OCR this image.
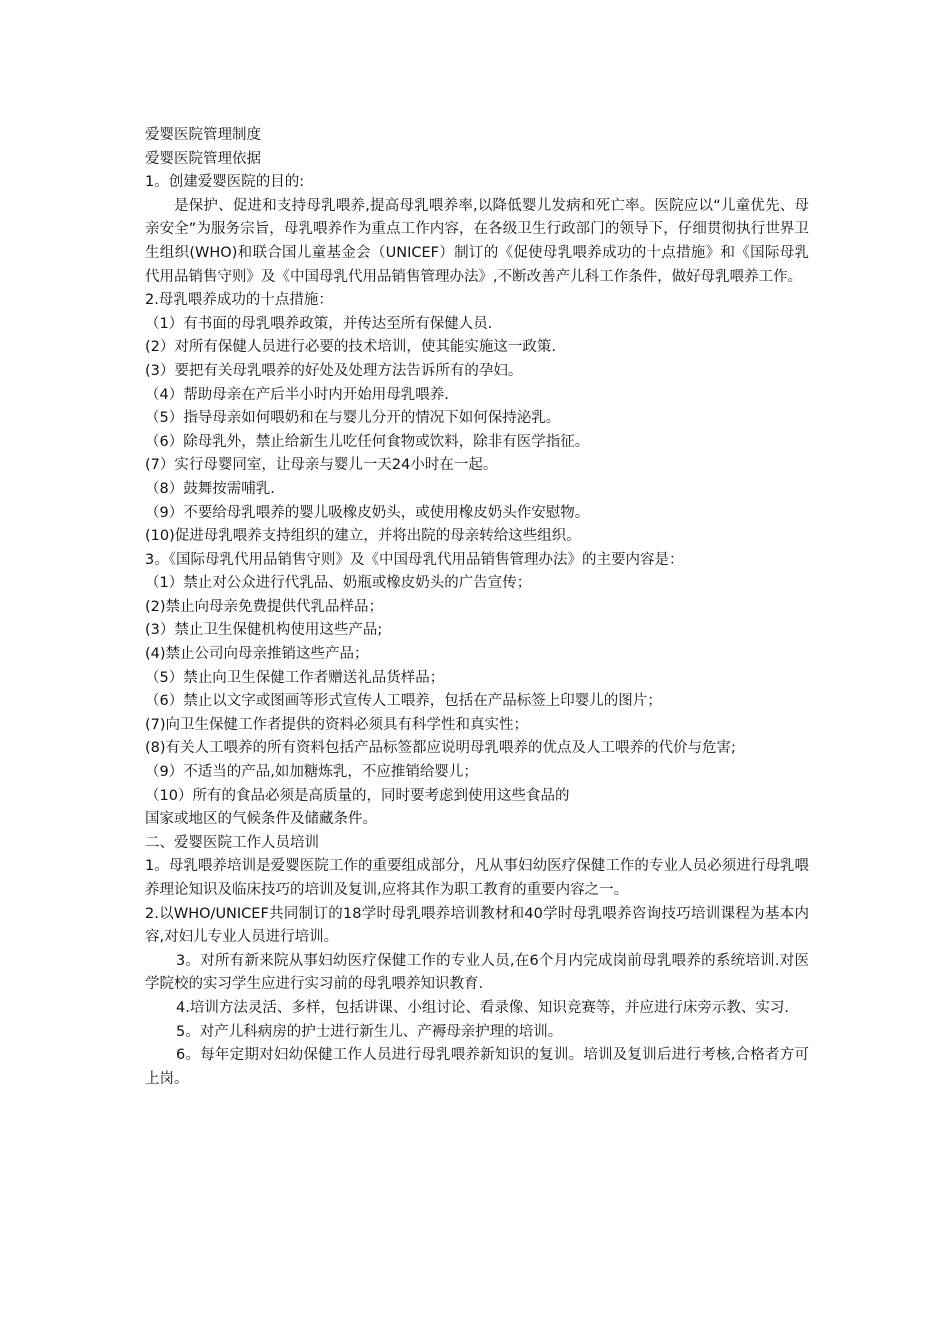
爱婴医院管理制度

爱婴医院管理依据

1。创建爱婴医院的目的:

是保护、促进和支持母乳喂养,提高母乳喂养率,以降低婴儿发病和死亡率。医院应以“儿童优先、母亲安全”为服务宗旨，母乳喂养作为重点工作内容，在各级卫生行政部门的领导下，仔细贯彻执行世界卫生组织(WHO)和联合国儿童基金会（UNICEF）制订的《促使母乳喂养成功的十点措施》和《国际母乳代用品销售守则》及《中国母乳代用品销售管理办法》,不断改善产儿科工作条件，做好母乳喂养工作。

2.母乳喂养成功的十点措施：

（1）有书面的母乳喂养政策，并传达至所有保健人员.

(2）对所有保健人员进行必要的技术培训，使其能实施这一政策.

(3）要把有关母乳喂养的好处及处理方法告诉所有的孕妇。

（4）帮助母亲在产后半小时内开始用母乳喂养.

（5）指导母亲如何喂奶和在与婴儿分开的情况下如何保持泌乳。

（6）除母乳外，禁止给新生儿吃任何食物或饮料，除非有医学指征。

(7）实行母婴同室，让母亲与婴儿一天24小时在一起。

（8）鼓舞按需哺乳.

（9）不要给母乳喂养的婴儿吸橡皮奶头，或使用橡皮奶头作安慰物。

(10)促进母乳喂养支持组织的建立，并将出院的母亲转给这些组织。

3。《国际母乳代用品销售守则》及《中国母乳代用品销售管理办法》的主要内容是：

（1）禁止对公众进行代乳品、奶瓶或橡皮奶头的广告宣传；

(2)禁止向母亲免费提供代乳品样品；

(3）禁止卫生保健机构使用这些产品;

(4)禁止公司向母亲推销这些产品；

（5）禁止向卫生保健工作者赠送礼品货样品；

（6）禁止以文字或图画等形式宣传人工喂养，包括在产品标签上印婴儿的图片；

(7)向卫生保健工作者提供的资料必须具有科学性和真实性；

(8)有关人工喂养的所有资料包括产品标签都应说明母乳喂养的优点及人工喂养的代价与危害;

（9）不适当的产品,如加糖炼乳，不应推销给婴儿；

（10）所有的食品必须是高质量的，同时要考虑到使用这些食品的

国家或地区的气候条件及储藏条件。

二、爱婴医院工作人员培训

1。母乳喂养培训是爱婴医院工作的重要组成部分，凡从事妇幼医疗保健工作的专业人员必须进行母乳喂养理论知识及临床技巧的培训及复训,应将其作为职工教育的重要内容之一。

2.以WHO/UNICEF共同制订的18学时母乳喂养培训教材和40学时母乳喂养咨询技巧培训课程为基本内容,对妇儿专业人员进行培训。

3。对所有新来院从事妇幼医疗保健工作的专业人员,在6个月内完成岗前母乳喂养的系统培训.对医学院校的实习学生应进行实习前的母乳喂养知识教育.

4.培训方法灵活、多样，包括讲课、小组讨论、看录像、知识竞赛等，并应进行床旁示教、实习.

5。对产儿科病房的护士进行新生儿、产褥母亲护理的培训。

6。每年定期对妇幼保健工作人员进行母乳喂养新知识的复训。培训及复训后进行考核,合格者方可上岗。
